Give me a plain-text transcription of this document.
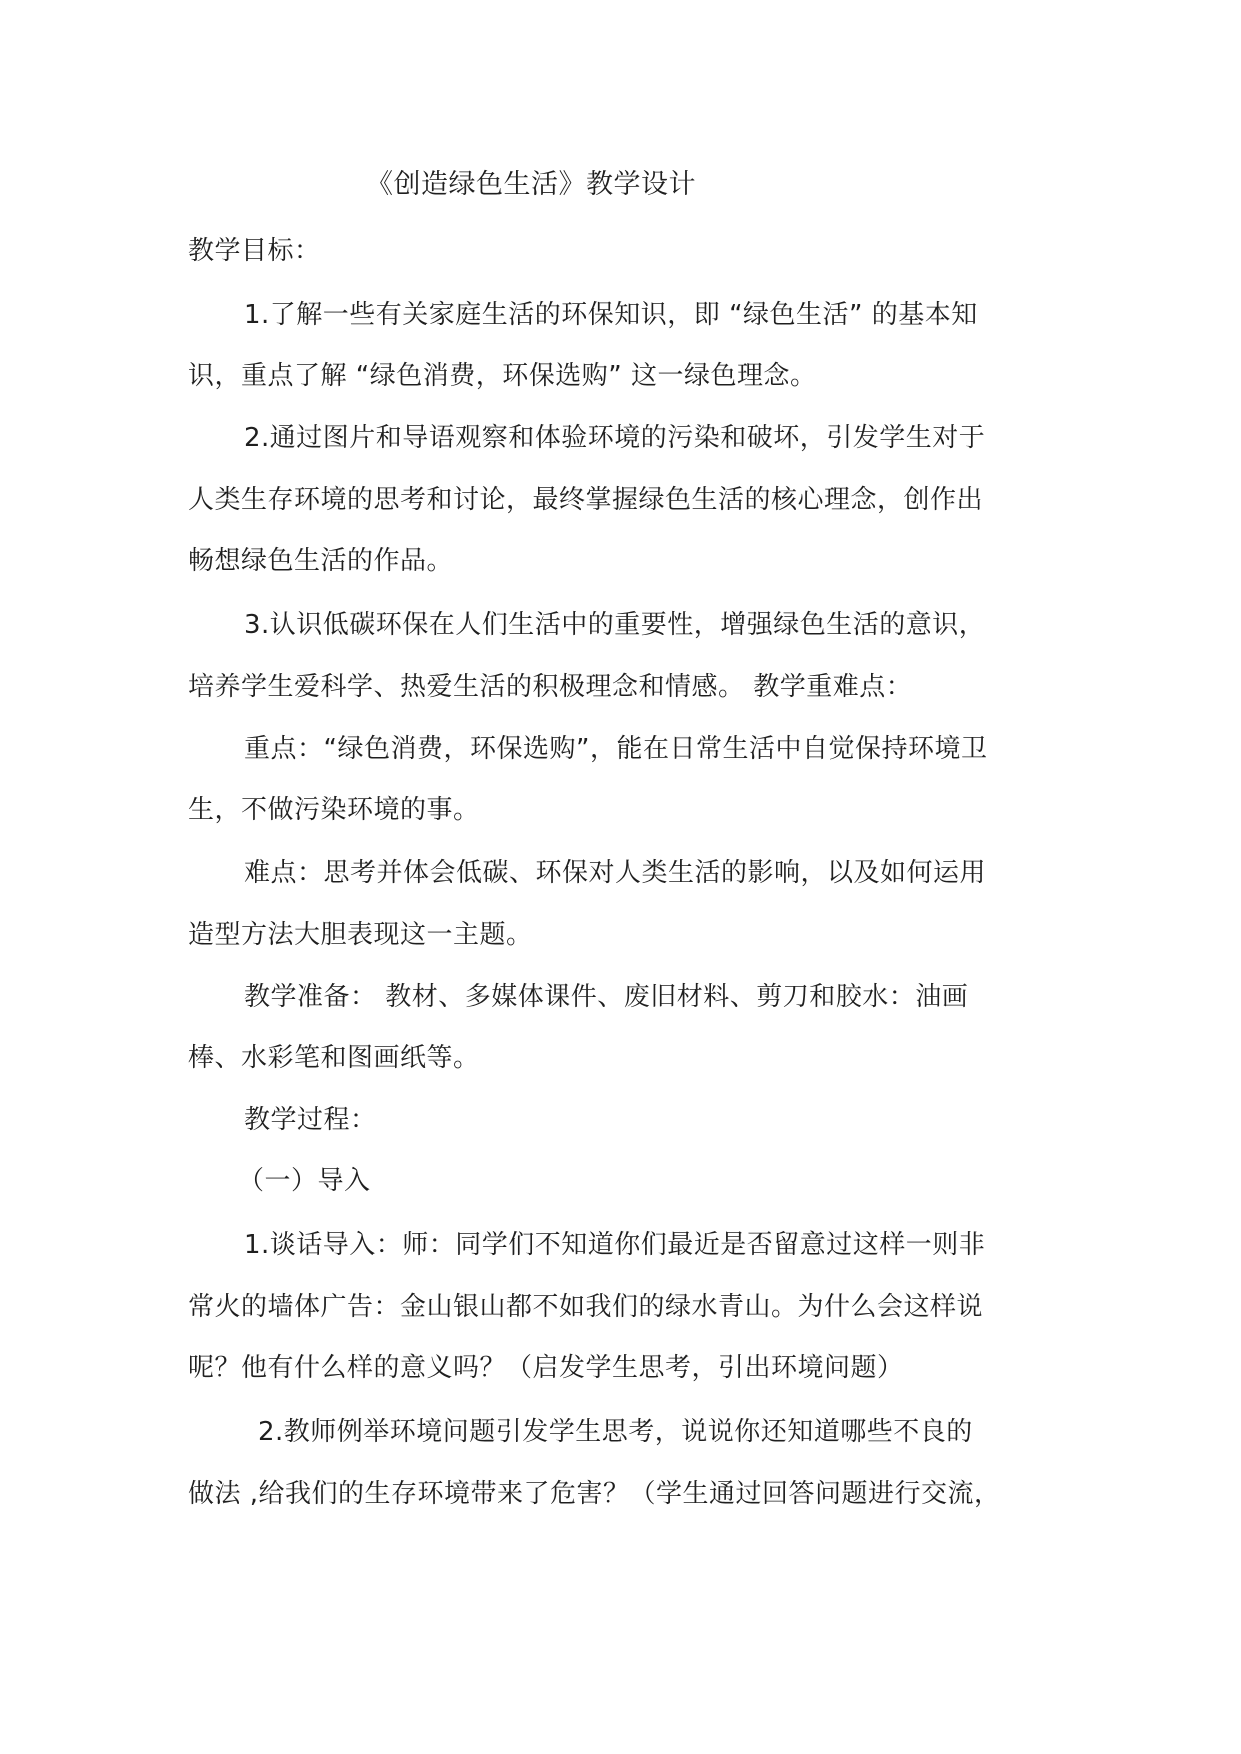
《创造绿色生活》教学设计
教学目标：
1.了解一些有关家庭生活的环保知识，即 “绿色生活” 的基本知
识，重点了解 “绿色消费，环保选购” 这一绿色理念。
2.通过图片和导语观察和体验环境的污染和破坏，引发学生对于
人类生存环境的思考和讨论，最终掌握绿色生活的核心理念，创作出
畅想绿色生活的作品。
3.认识低碳环保在人们生活中的重要性，增强绿色生活的意识，
培养学生爱科学、热爱生活的积极理念和情感。 教学重难点：
重点：“绿色消费，环保选购”，能在日常生活中自觉保持环境卫
生，不做污染环境的事。
难点：思考并体会低碳、环保对人类生活的影响，以及如何运用
造型方法大胆表现这一主题。
教学准备： 教材、多媒体课件、废旧材料、剪刀和胶水：油画
棒、水彩笔和图画纸等。
教学过程：
（一）导入
1.谈话导入：师：同学们不知道你们最近是否留意过这样一则非
常火的墙体广告：金山银山都不如我们的绿水青山。为什么会这样说
呢？他有什么样的意义吗？（启发学生思考，引出环境问题）
2.教师例举环境问题引发学生思考，说说你还知道哪些不良的
做法 ,给我们的生存环境带来了危害？（学生通过回答问题进行交流，
